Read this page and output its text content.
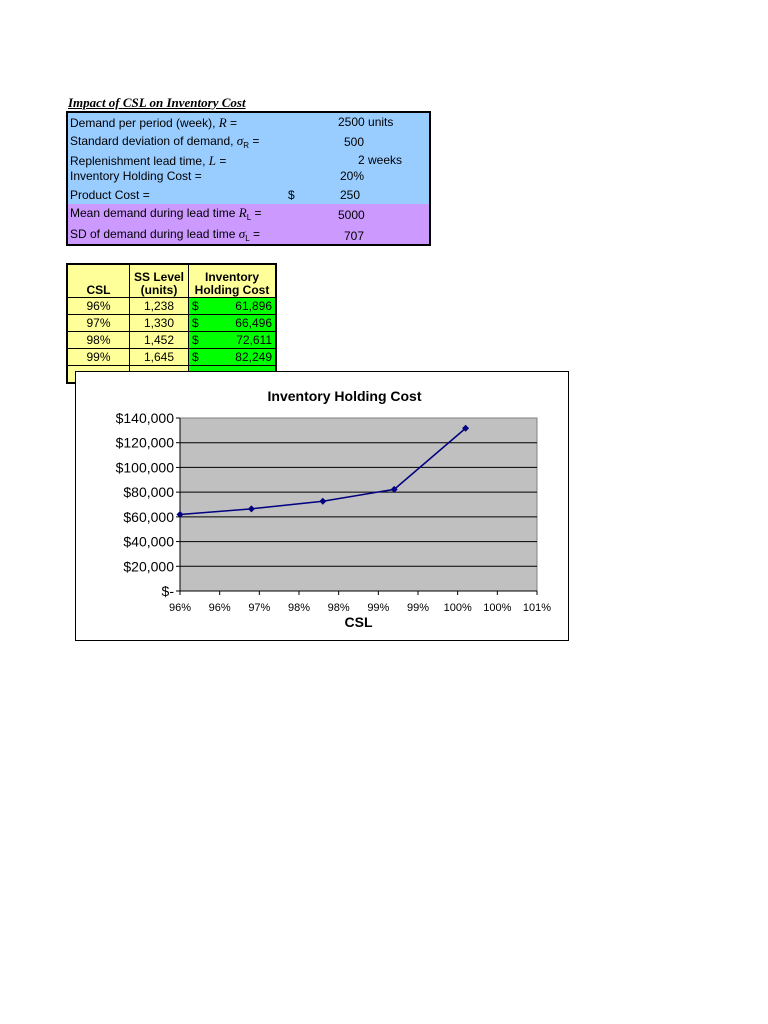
Impact of CSL on Inventory Cost
Demand per period (week), R =	2500 units
Standard deviation of demand, $\sigma_R$ =	500
Replenishment lead time, L =	2 weeks
Inventory Holding Cost =	20%
Product Cost =	$	250
Mean demand during lead time $R_L$ =	5000
SD of demand during lead time $\sigma_L$ =	707
CSL	SS Level (units)	Inventory Holding Cost
96%	1,238	$ 61,896

97%	1,330	$ 66,496

98%	1,452	$ 72,611

99%	1,645	$ 82,249

Inventory Holding Cost
$-
$20,000
$40,000
$60,000
$80,000
$100,000
$120,000
$140,000
96% 96% 97% 98% 98% 99% 99% 100% 100% 101%
CSL
